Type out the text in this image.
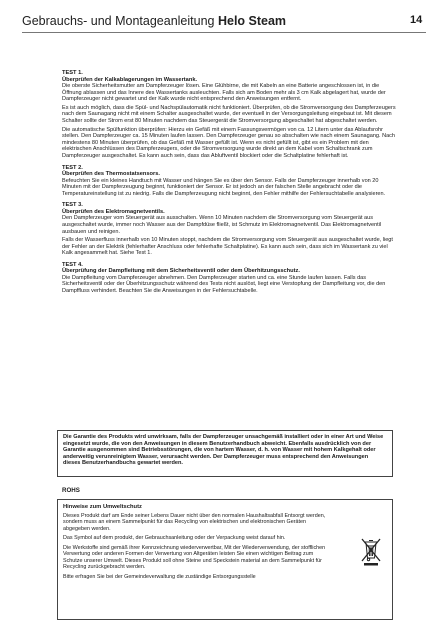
Gebrauchs- und Montageanleitung Helo Steam	14
TEST 1.
Überprüfen der Kalkablagerungen im Wassertank.

Die oberste Sicherheitsmutter am Dampferzeuger lösen. Eine Glühbirne, die mit Kabeln an eine Batterie angeschlossen ist, in die Öffnung ablassen und das Innere des Wassertanks ausleuchten. Falls sich am Boden mehr als 3 cm Kalk abgelagert hat, wurde der Dampferzeuger nicht gewartet und der Kalk wurde nicht entsprechend den Anweisungen entfernt.

Es ist auch möglich, dass die Spül- und Nachspülautomatik nicht funktioniert. Überprüfen, ob die Stromversorgung des Dampferzeugers nach dem Saunagang nicht mit einem Schalter ausgeschaltet wurde, der eventuell in der Versorgungsleitung eingebaut ist. Mit diesem Schalter sollte der Strom erst 80 Minuten nachdem das Steuergerät die Stromversorgung abgeschaltet hat abgeschaltet werden.

Die automatische Spülfunktion überprüfen: Hierzu ein Gefäß mit einem Fassungsvermögen von ca. 12 Litern unter das Ablaufsrohr stellen. Den Dampferzeuger ca. 15 Minuten laufen lassen. Den Dampferzeuger genau so abschalten wie nach einem Saunagang. Nach mindestens 80 Minuten überprüfen, ob das Gefäß mit Wasser gefüllt ist. Wenn es nicht gefüllt ist, gibt es ein Problem mit den elektrischen Anschlüssen des Dampferzeugers, oder die Stromversorgung wurde direkt an dem Kabel vom Schaltschrank zum Dampferzeuger ausgeschaltet. Es kann auch sein, dass das Abluftventil blockiert oder die Schaltplatine fehlerhaft ist.

TEST 2.
Überprüfen des Thermostatsensors.

Befeuchten Sie ein kleines Handtuch mit Wasser und hängen Sie es über den Sensor. Falls der Dampferzeuger innerhalb von 20 Minuten mit der Dampferzeugung beginnt, funktioniert der Sensor. Er ist jedoch an der falschen Stelle angebracht oder die Temperatureinstellung ist zu niedrig. Falls die Dampferzeugung nicht beginnt, den Fehler mithilfe der Fehlersuchtabelle analysieren.

TEST 3.
Überprüfen des Elektromagnetventils.

Den Dampferzeuger vom Steuergerät aus ausschalten. Wenn 10 Minuten nachdem die Stromversorgung vom Steuergerät aus ausgeschaltet wurde, immer noch Wasser aus der Dampfdüse fließt, ist Schmutz im Elektromagnetventil. Das Elektromagnetventil ausbauen und reinigen.

Falls der Wasserfluss innerhalb von 10 Minuten stoppt, nachdem die Stromversorgung vom Steuergerät aus ausgeschaltet wurde, liegt der Fehler an der Elektrik (fehlerhafter Anschluss oder fehlerhafte Schaltplatine). Es kann auch sein, dass sich im Wassertank zu viel Kalk angesammelt hat. Siehe Test 1.

TEST 4.
Überprüfung der Dampfleitung mit dem Sicherheitsventil oder dem Überhitzungsschutz.

Die Dampfleitung vom Dampferzeuger abnehmen. Den Dampferzeuger starten und ca. eine Stunde laufen lassen. Falls das Sicherheitsventil oder der Überhitzungsschutz während des Tests nicht auslöst, liegt eine Verstopfung der Dampfleitung vor, die den Dampffluss verhindert. Beachten Sie die Anweisungen in der Fehlersuchtabelle.

Die Garantie des Produkts wird unwirksam, falls der Dampferzeuger unsachgemäß installiert oder in einer Art und Weise eingesetzt wurde, die von den Anweisungen in diesem Benutzerhandbuch abweicht. Ebenfalls ausdrücklich von der Garantie ausgenommen sind Betriebsstörungen, die von hartem Wasser, d. h. von Wasser mit hohem Kalkgehalt oder anderweitig verunreinigtem Wasser, verursacht werden. Der Dampferzeuger muss entsprechend den Anweisungen dieses Benutzerhandbuchs gewartet werden.
ROHS
Hinweise zum Umweltschutz

Dieses Produkt darf am Ende seiner Lebens Dauer nicht über den normalen Haushaltsabfall Entsorgt werden, sondern muss an einem Sammelpunkt für das Recycling von elektrischen und elektronischen Geräten abgegeben werden.

Das Symbol auf dem produkt, der Gebrauchsanleitung oder der Verpackung weist darauf hin.

Die Werkstoffe sind gemäß ihrer Kennzeichnung wiederverwertbar, Mit der Wiederverwendung, der stofflichen Verwertung oder anderen Formen der Verwertung von Altgeräten leisten Sie einen wichtigen Beitrag zum Schutze unserer Umwelt. Dieses Produkt soll ohne Steine und Speckstein material an dem Sammelpunkt für Recycling zurückgebracht werden.

Bitte erfragen Sie bei der Gemeindeverwaltung die zuständige Entsorgungsstelle
